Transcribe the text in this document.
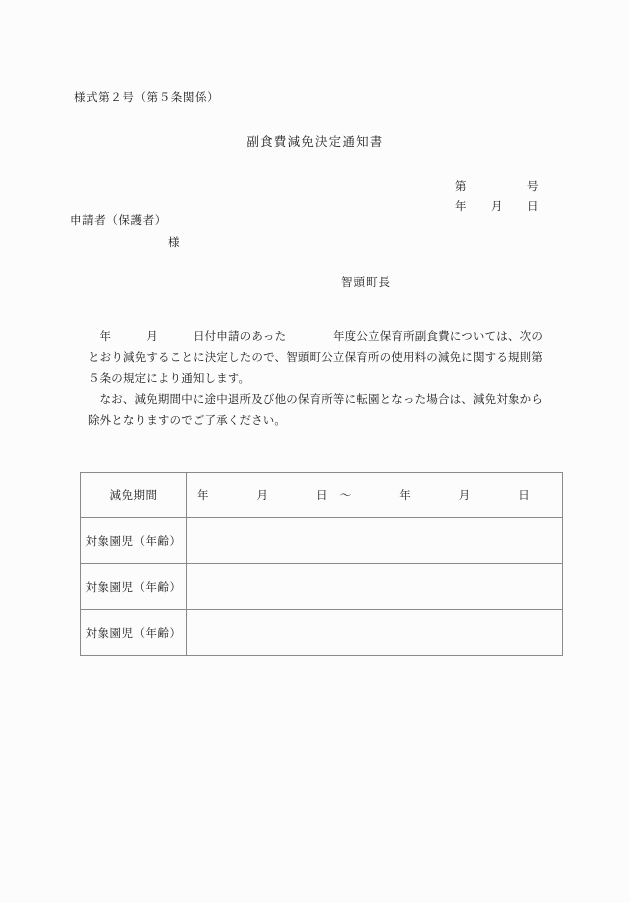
様式第２号（第５条関係）
副食費減免決定通知書
第　　　　　号
年　　月　　日
申請者（保護者）
様
智頭町長

年　　　月　　　日付申請のあった　　　　年度公立保育所副食費については、次のとおり減免することに決定したので、智頭町公立保育所の使用料の減免に関する規則第５条の規定により通知します。

なお、減免期間中に途中退所及び他の保育所等に転園となった場合は、減免対象から除外となりますのでご了承ください。

減免期間	年　　　　月　　　　日　～　　　　年　　　　月　　　　日
対象園児（年齢）	
対象園児（年齢）	
対象園児（年齢）	
